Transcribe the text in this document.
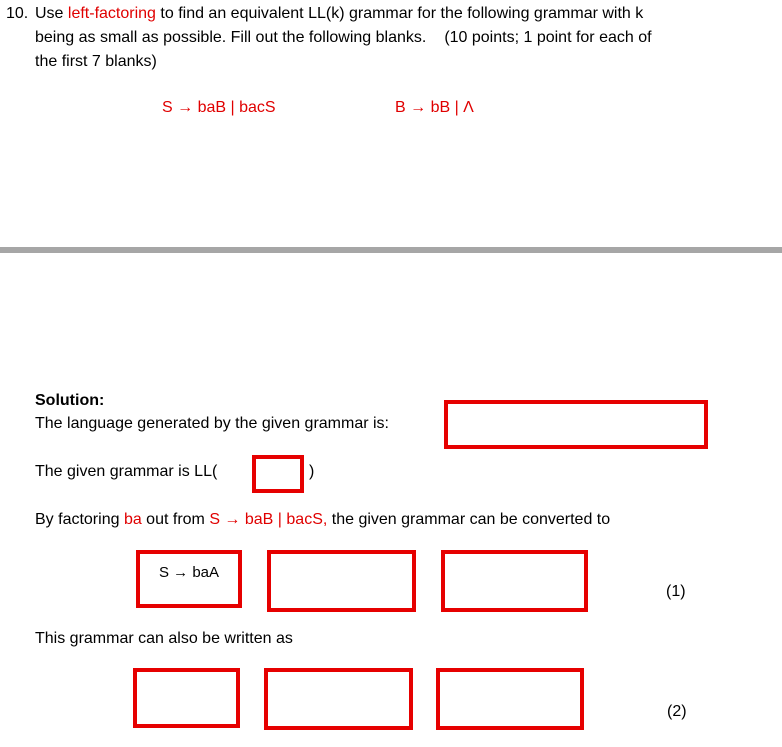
10. Use left-factoring to find an equivalent LL(k) grammar for the following grammar with k
being as small as possible. Fill out the following blanks. (10 points; 1 point for each of
the first 7 blanks)
S → baB | bacS	B → bB | Λ
Solution:
The language generated by the given grammar is:
The given grammar is LL(	)
By factoring ba out from S → baB | bacS, the given grammar can be converted to
S → baA
(1)
This grammar can also be written as
(2)
